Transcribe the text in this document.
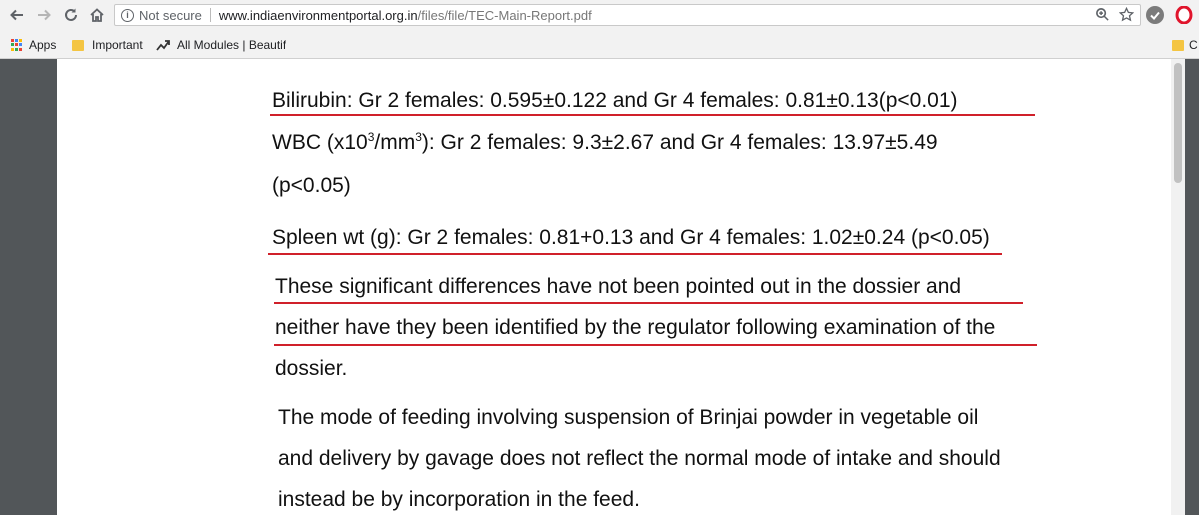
i Not secure www.indiaenvironmentportal.org.in/files/file/TEC-Main-Report.pdf
Apps	Important	All Modules | Beautif	C
Bilirubin: Gr 2 females: 0.595±0.122 and Gr 4 females: 0.81±0.13(p<0.01)
WBC $(x10^3/mm^3)$: Gr 2 females: 9.3±2.67 and Gr 4 females: 13.97±5.49
(p<0.05)
Spleen wt (g): Gr 2 females: 0.81+0.13 and Gr 4 females: 1.02±0.24 (p<0.05)
These significant differences have not been pointed out in the dossier and
neither have they been identified by the regulator following examination of the
dossier.
The mode of feeding involving suspension of Brinjai powder in vegetable oil
and delivery by gavage does not reflect the normal mode of intake and should
instead be by incorporation in the feed.
